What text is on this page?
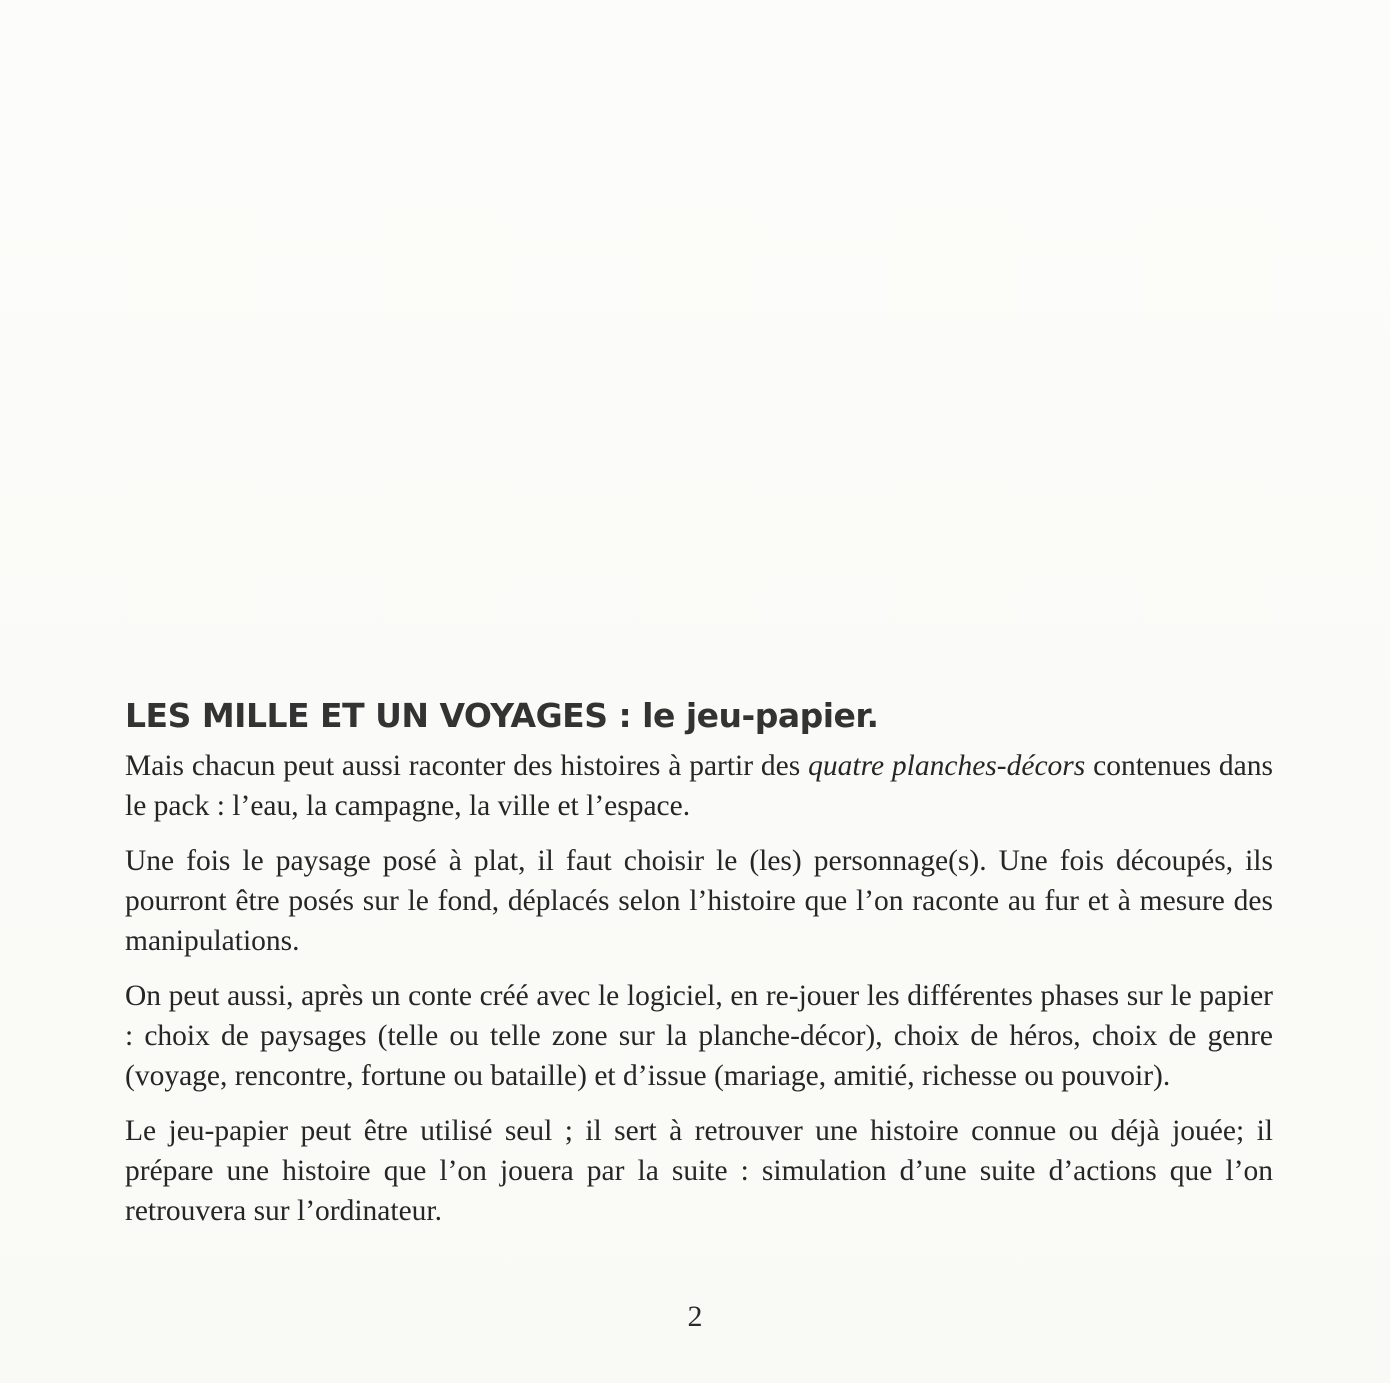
LES MILLE ET UN VOYAGES : le jeu-papier.

Mais chacun peut aussi raconter des histoires à partir des quatre planches-décors contenues dans le pack : l’eau, la campagne, la ville et l’espace.

Une fois le paysage posé à plat, il faut choisir le (les) personnage(s). Une fois découpés, ils pourront être posés sur le fond, déplacés selon l’histoire que l’on raconte au fur et à mesure des manipulations.

On peut aussi, après un conte créé avec le logiciel, en re-jouer les différentes phases sur le papier : choix de paysages (telle ou telle zone sur la planche-décor), choix de héros, choix de genre (voyage, rencontre, fortune ou bataille) et d’issue (mariage, amitié, richesse ou pouvoir).

Le jeu-papier peut être utilisé seul ; il sert à retrouver une histoire connue ou déjà jouée; il prépare une histoire que l’on jouera par la suite : simulation d’une suite d’actions que l’on retrouvera sur l’ordinateur.

2
